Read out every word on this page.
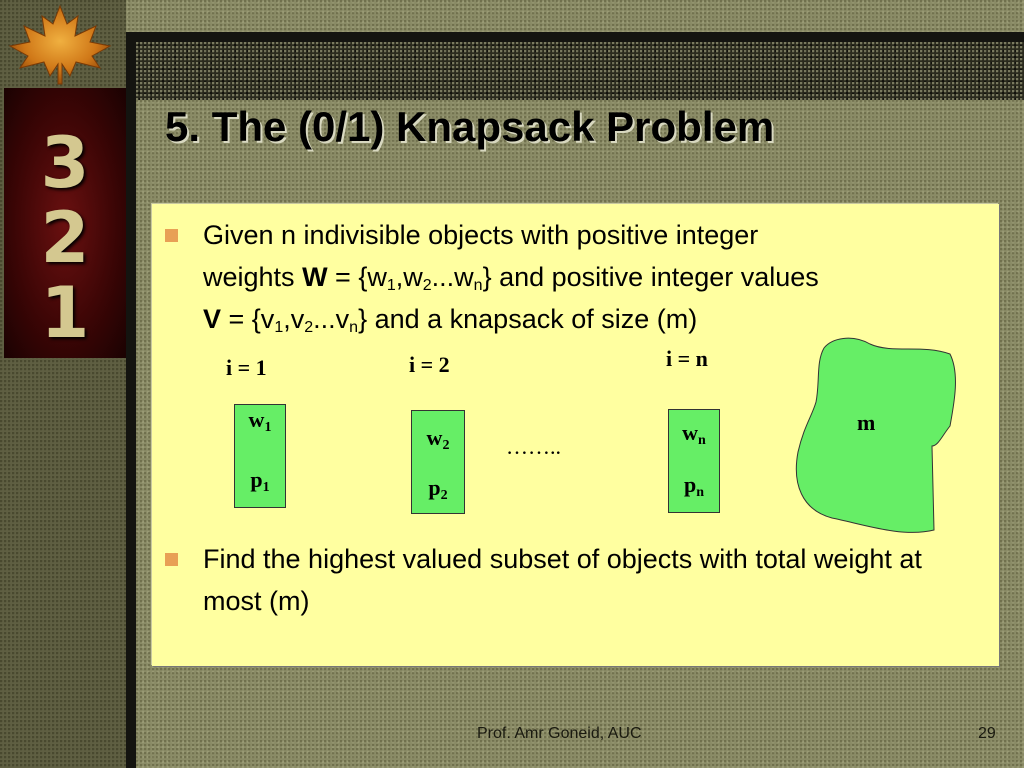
3
2
1
5. The (0/1) Knapsack Problem
Given n indivisible objects with positive integer
weights $W = \{w_1,w_2...w_n\}$ and positive integer values
$V = \{v_1,v_2...v_n\}$ and a knapsack of size (m)
i = 1	i = 2	i = n
$w_1$
$p_1$
$w_2$
$p_2$
……..
$w_n$
$p_n$
m
Find the highest valued subset of objects with total weight at most (m)
Prof. Amr Goneid, AUC	29
